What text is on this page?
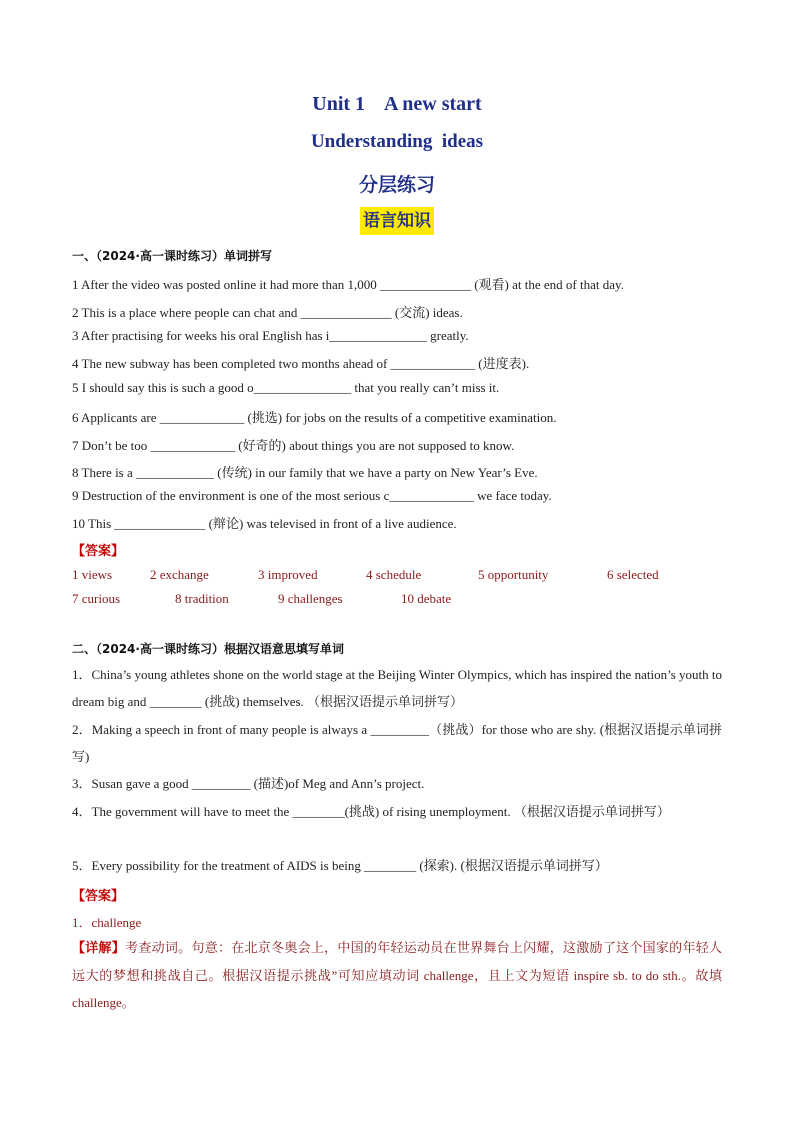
Unit 1    A new start
Understanding  ideas
分层练习
语言知识
一、（2024·高一课时练习）单词拼写
1 After the video was posted online it had more than 1,000 ______________ (观看) at the end of that day.
2 This is a place where people can chat and ______________ (交流) ideas.
3 After practising for weeks his oral English has i_______________ greatly.
4 The new subway has been completed two months ahead of _____________ (进度表).
5 I should say this is such a good o_______________ that you really can’t miss it.
6 Applicants are _____________ (挑选) for jobs on the results of a competitive examination.
7 Don’t be too _____________ (好奇的) about things you are not supposed to know.
8 There is a ____________ (传统) in our family that we have a party on New Year’s Eve.
9 Destruction of the environment is one of the most serious c_____________ we face today.
10 This ______________ (辩论) was televised in front of a live audience.
【答案】
1 views	2 exchange	3 improved	4 schedule	5 opportunity	6 selected
7 curious	8 tradition	9 challenges	10 debate
二、（2024·高一课时练习）根据汉语意思填写单词
1．China’s young athletes shone on the world stage at the Beijing Winter Olympics, which has inspired the nation’s youth to dream big and ________ (挑战) themselves. （根据汉语提示单词拼写）
2．Making a speech in front of many people is always a _________（挑战）for those who are shy. (根据汉语提示单词拼写)
3．Susan gave a good _________ (描述)of Meg and Ann’s project.
4．The government will have to meet the ________(挑战) of rising unemployment. （根据汉语提示单词拼写）
5．Every possibility for the treatment of AIDS is being ________ (探索). (根据汉语提示单词拼写）
【答案】
1．challenge
【详解】考查动词。句意：在北京冬奥会上，中国的年轻运动员在世界舞台上闪耀，这激励了这个国家的年轻人远大的梦想和挑战自己。根据汉语提示挑战”可知应填动词 challenge，且上文为短语 inspire sb. to do sth.。故填 challenge。
